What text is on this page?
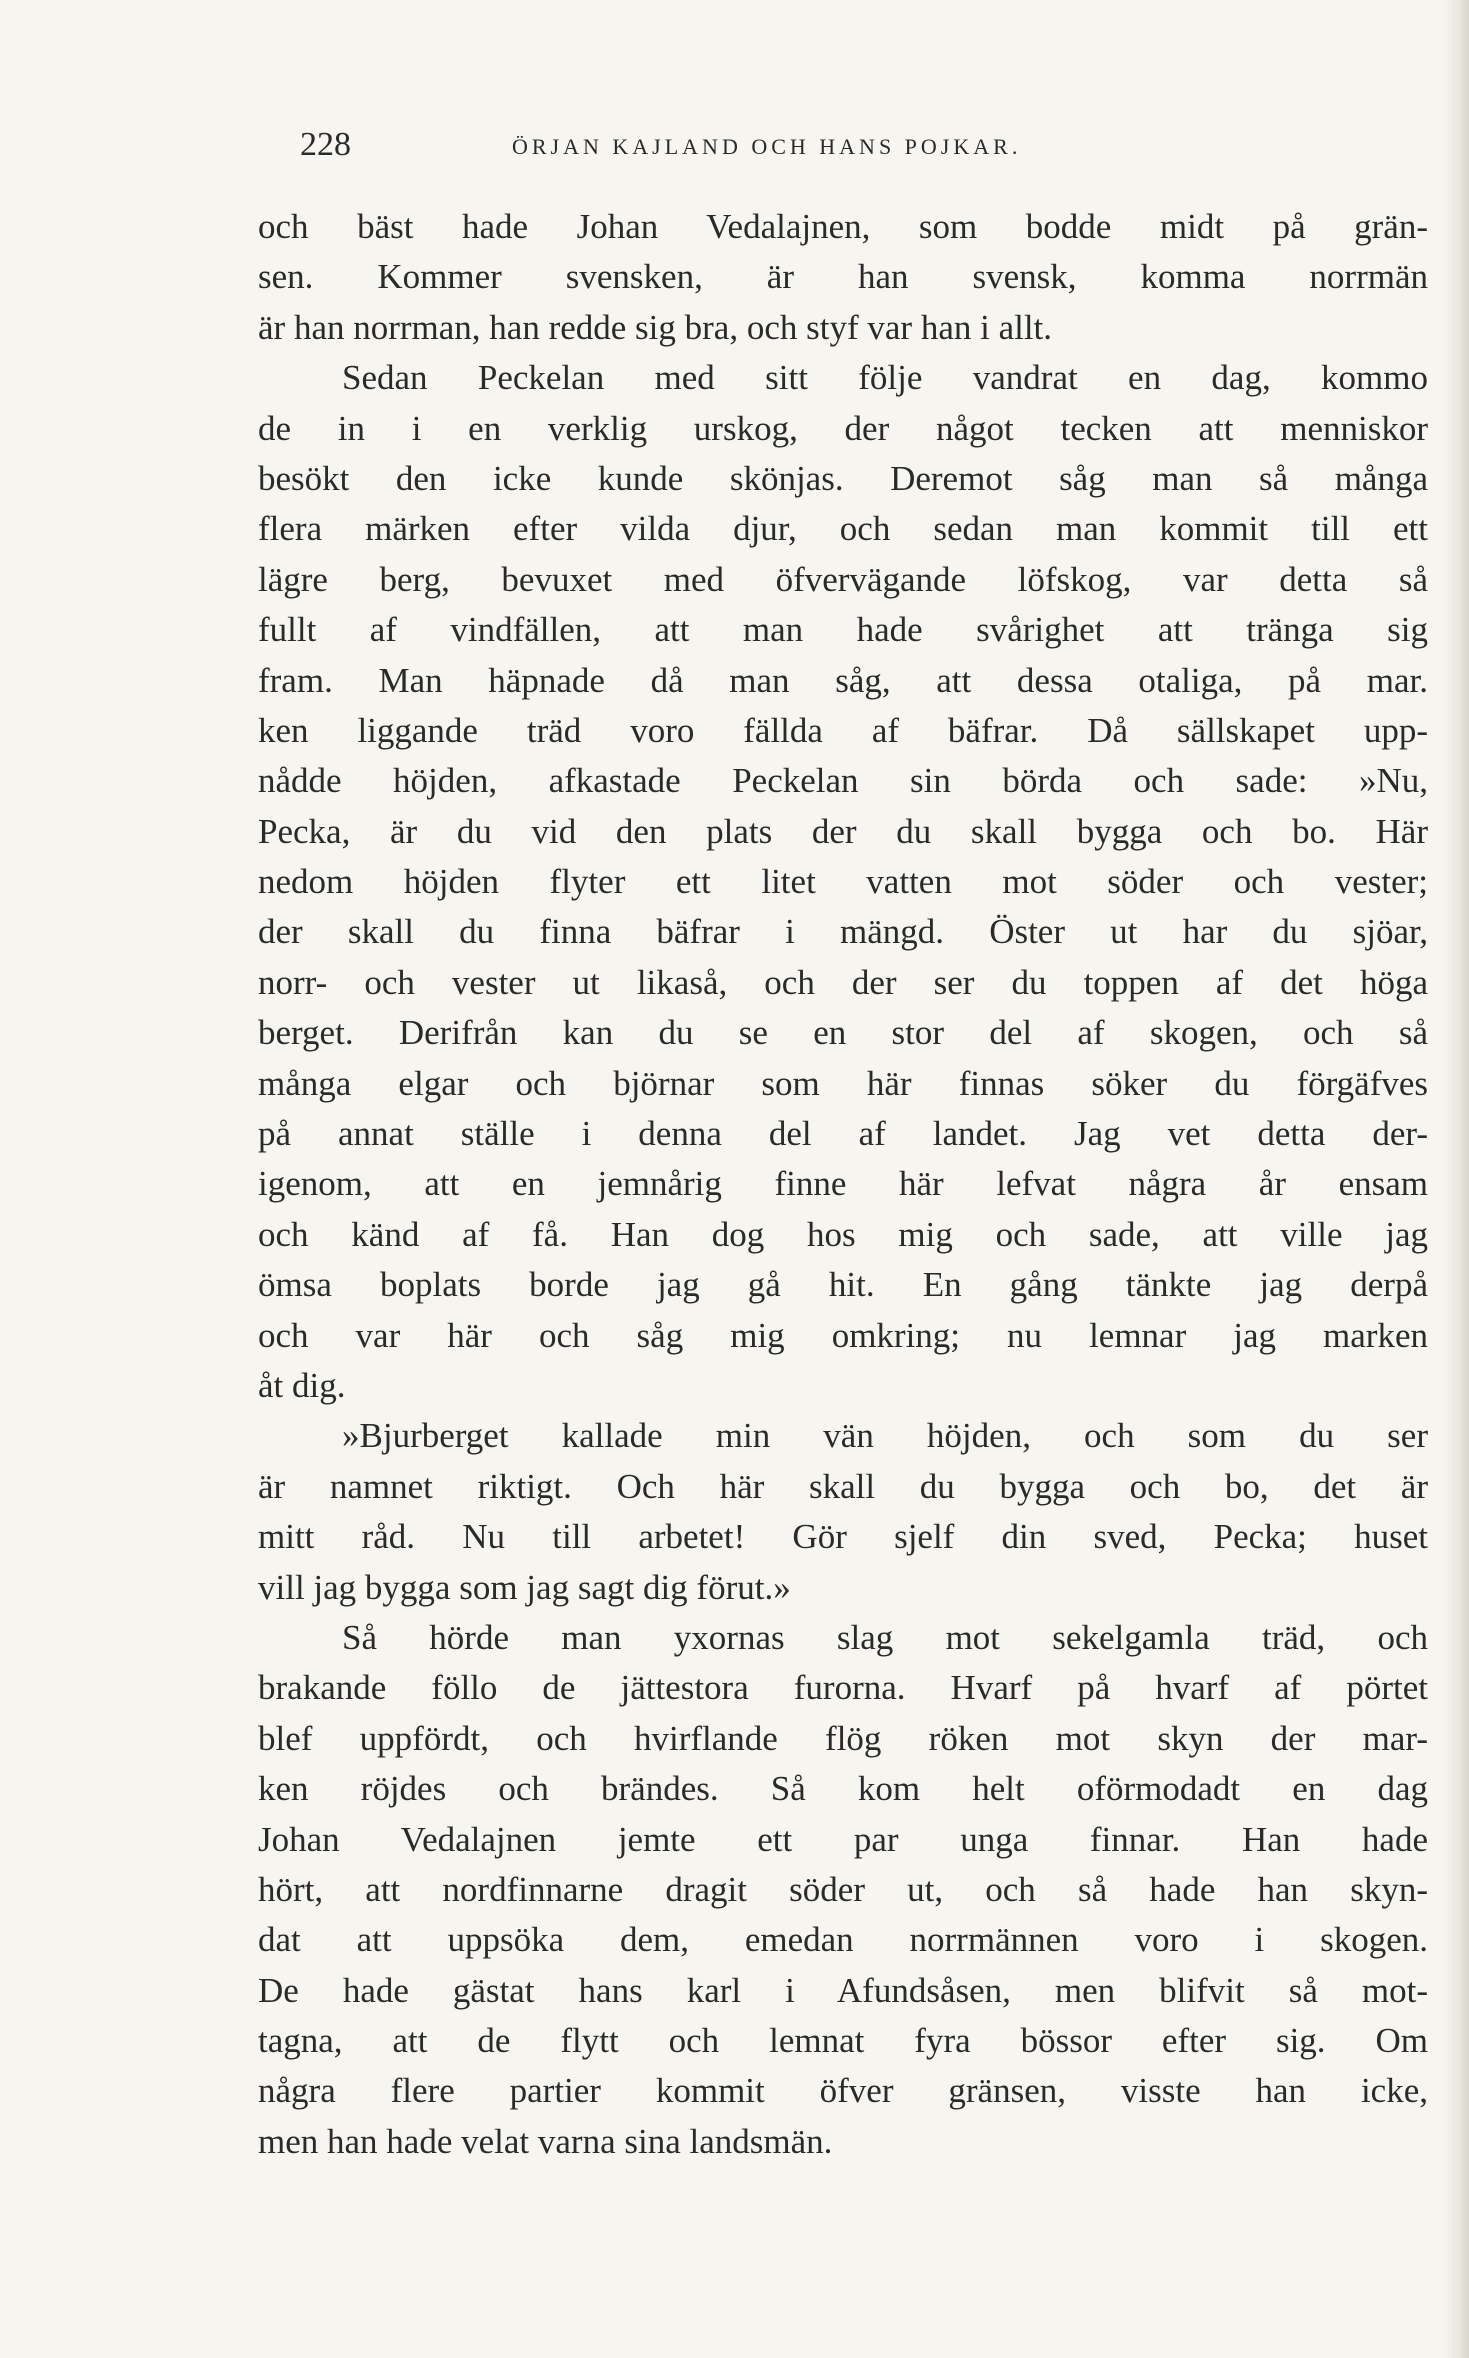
228	ÖRJAN KAJLAND OCH HANS POJKAR.
och bäst hade Johan Vedalajnen, som bodde midt på grän-
sen. Kommer svensken, är han svensk, komma norrmän
är han norrman, han redde sig bra, och styf var han i allt.
Sedan Peckelan med sitt följe vandrat en dag, kommo
de in i en verklig urskog, der något tecken att menniskor
besökt den icke kunde skönjas. Deremot såg man så många
flera märken efter vilda djur, och sedan man kommit till ett
lägre berg, bevuxet med öfvervägande löfskog, var detta så
fullt af vindfällen, att man hade svårighet att tränga sig
fram. Man häpnade då man såg, att dessa otaliga, på mar.
ken liggande träd voro fällda af bäfrar. Då sällskapet upp-
nådde höjden, afkastade Peckelan sin börda och sade: »Nu,
Pecka, är du vid den plats der du skall bygga och bo. Här
nedom höjden flyter ett litet vatten mot söder och vester;
der skall du finna bäfrar i mängd. Öster ut har du sjöar,
norr- och vester ut likaså, och der ser du toppen af det höga
berget. Derifrån kan du se en stor del af skogen, och så
många elgar och björnar som här finnas söker du förgäfves
på annat ställe i denna del af landet. Jag vet detta der-
igenom, att en jemnårig finne här lefvat några år ensam
och känd af få. Han dog hos mig och sade, att ville jag
ömsa boplats borde jag gå hit. En gång tänkte jag derpå
och var här och såg mig omkring; nu lemnar jag marken
åt dig.
»Bjurberget kallade min vän höjden, och som du ser
är namnet riktigt. Och här skall du bygga och bo, det är
mitt råd. Nu till arbetet! Gör sjelf din sved, Pecka; huset
vill jag bygga som jag sagt dig förut.»
Så hörde man yxornas slag mot sekelgamla träd, och
brakande föllo de jättestora furorna. Hvarf på hvarf af pörtet
blef uppfördt, och hvirflande flög röken mot skyn der mar-
ken röjdes och brändes. Så kom helt oförmodadt en dag
Johan Vedalajnen jemte ett par unga finnar. Han hade
hört, att nordfinnarne dragit söder ut, och så hade han skyn-
dat att uppsöka dem, emedan norrmännen voro i skogen.
De hade gästat hans karl i Afundsåsen, men blifvit så mot-
tagna, att de flytt och lemnat fyra bössor efter sig. Om
några flere partier kommit öfver gränsen, visste han icke,
men han hade velat varna sina landsmän.
